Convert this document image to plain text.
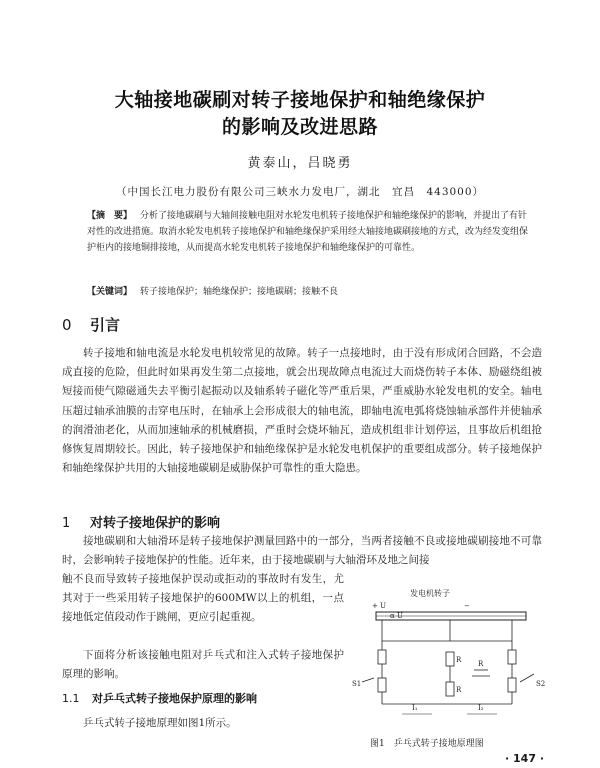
大轴接地碳刷对转子接地保护和轴绝缘保护
的影响及改进思路
黄泰山，吕晓勇
（中国长江电力股份有限公司三峡水力发电厂，湖北　宜昌　443000）
【摘　要】 分析了接地碳刷与大轴间接触电阻对水轮发电机转子接地保护和轴绝缘保护的影响，并提出了有针对性的改进措施。取消水轮发电机转子接地保护和轴绝缘保护采用经大轴接地碳刷接地的方式，改为经发变组保护柜内的接地铜排接地，从而提高水轮发电机转子接地保护和轴绝缘保护的可靠性。
【关键词】 转子接地保护；轴绝缘保护；接地碳刷；接触不良
0 引言
转子接地和轴电流是水轮发电机较常见的故障。转子一点接地时，由于没有形成闭合回路，不会造成直接的危险，但此时如果再发生第二点接地，就会出现故障点电流过大而烧伤转子本体、励磁绕组被短接而使气隙磁通失去平衡引起振动以及轴系转子磁化等严重后果，严重威胁水轮发电机的安全。轴电压超过轴承油膜的击穿电压时，在轴承上会形成很大的轴电流，即轴电流电弧将烧蚀轴承部件并使轴承的润滑油老化，从而加速轴承的机械磨损，严重时会烧坏轴瓦，造成机组非计划停运，且事故后机组抢修恢复周期较长。因此，转子接地保护和轴绝缘保护是水轮发电机保护的重要组成部分。转子接地保护和轴绝缘保护共用的大轴接地碳刷是威胁保护可靠性的重大隐患。
1 对转子接地保护的影响
接地碳刷和大轴滑环是转子接地保护测量回路中的一部分，当两者接触不良或接地碳刷接地不可靠时，会影响转子接地保护的性能。近年来，由于接地碳刷与大轴滑环及地之间接
触不良而导致转子接地保护误动或拒动的事故时有发生，尤其对于一些采用转子接地保护的600MW以上的机组，一点接地低定值段动作于跳闸，更应引起重视。
下面将分析该接触电阻对乒乓式和注入式转子接地保护原理的影响。
1.1 对乒乓式转子接地保护原理的影响
乒乓式转子接地原理如图1所示。
发电机转子
+ U	−
α U
R
R
R
S1	S2
I₁	I₂
图1　乒乓式转子接地原理图
· 147 ·
